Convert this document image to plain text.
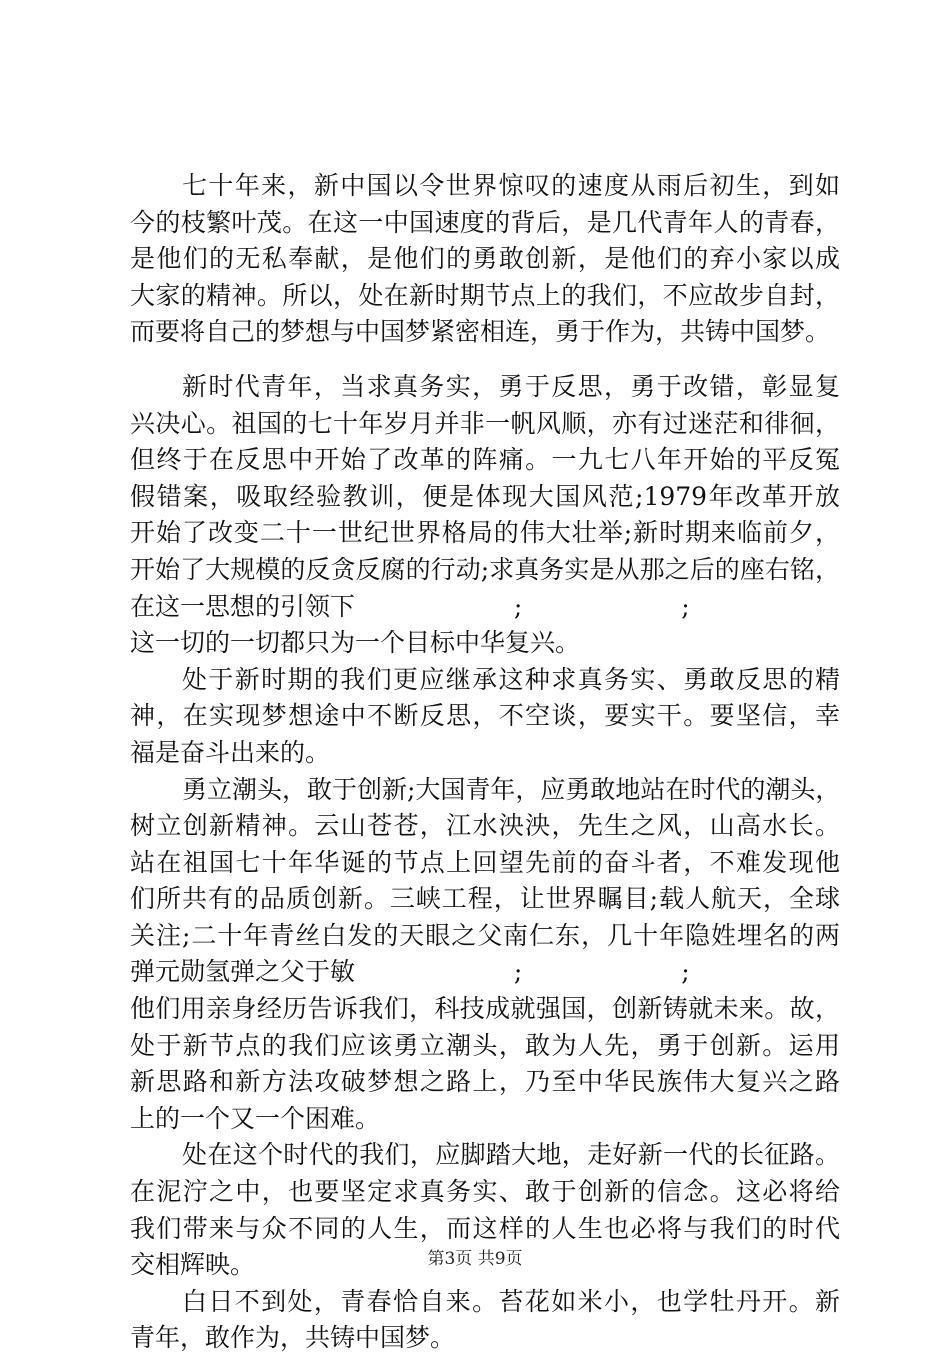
七十年来，新中国以令世界惊叹的速度从雨后初生，到如
今的枝繁叶茂。在这一中国速度的背后，是几代青年人的青春，
是他们的无私奉献，是他们的勇敢创新，是他们的弃小家以成
大家的精神。所以，处在新时期节点上的我们，不应故步自封，
而要将自己的梦想与中国梦紧密相连，勇于作为，共铸中国梦。
新时代青年，当求真务实，勇于反思，勇于改错，彰显复
兴决心。祖国的七十年岁月并非一帆风顺，亦有过迷茫和徘徊，
但终于在反思中开始了改革的阵痛。一九七八年开始的平反冤
假错案，吸取经验教训，便是体现大国风范;1979年改革开放
开始了改变二十一世纪世界格局的伟大壮举;新时期来临前夕，
开始了大规模的反贪反腐的行动;求真务实是从那之后的座右铭，
在这一思想的引领下                    ;                    ;
这一切的一切都只为一个目标中华复兴。
处于新时期的我们更应继承这种求真务实、勇敢反思的精
神，在实现梦想途中不断反思，不空谈，要实干。要坚信，幸
福是奋斗出来的。
勇立潮头，敢于创新;大国青年，应勇敢地站在时代的潮头，
树立创新精神。云山苍苍，江水泱泱，先生之风，山高水长。
站在祖国七十年华诞的节点上回望先前的奋斗者，不难发现他
们所共有的品质创新。三峡工程，让世界瞩目;载人航天，全球
关注;二十年青丝白发的天眼之父南仁东，几十年隐姓埋名的两
弹元勋氢弹之父于敏                    ;                    ;
他们用亲身经历告诉我们，科技成就强国，创新铸就未来。故，
处于新节点的我们应该勇立潮头，敢为人先，勇于创新。运用
新思路和新方法攻破梦想之路上，乃至中华民族伟大复兴之路
上的一个又一个困难。
处在这个时代的我们，应脚踏大地，走好新一代的长征路。
在泥泞之中，也要坚定求真务实、敢于创新的信念。这必将给
我们带来与众不同的人生，而这样的人生也必将与我们的时代
交相辉映。
白日不到处，青春恰自来。苔花如米小，也学牡丹开。新
青年，敢作为，共铸中国梦。
第3页 共9页
